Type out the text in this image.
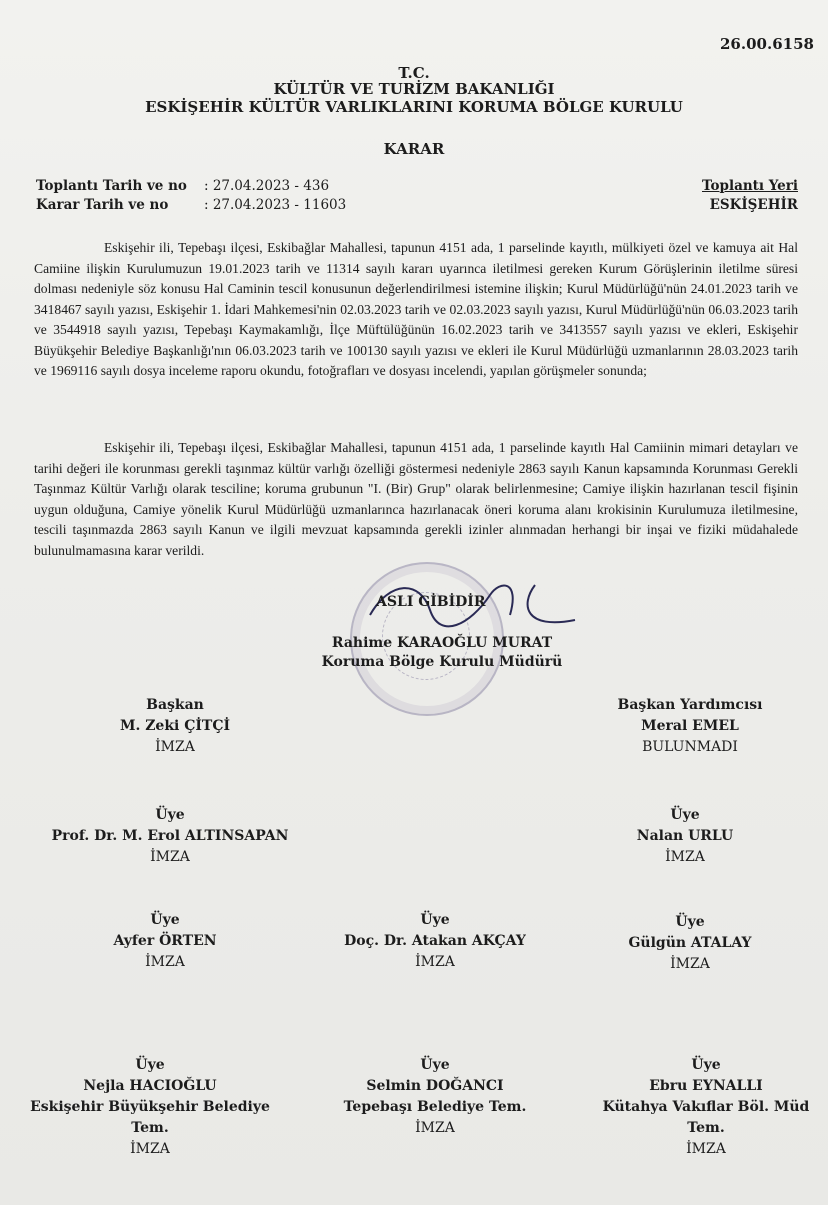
26.00.6158
T.C.
KÜLTÜR VE TURİZM BAKANLIĞI
ESKİŞEHİR KÜLTÜR VARLIKLARINI KORUMA BÖLGE KURULU
KARAR
Toplantı Tarih ve no : 27.04.2023 - 436
Karar Tarih ve no	: 27.04.2023 - 11603
Toplantı Yeri
ESKİŞEHİR
Eskişehir ili, Tepebaşı ilçesi, Eskibağlar Mahallesi, tapunun 4151 ada, 1 parselinde kayıtlı, mülkiyeti özel ve kamuya ait Hal Camiine ilişkin Kurulumuzun 19.01.2023 tarih ve 11314 sayılı kararı uyarınca iletilmesi gereken Kurum Görüşlerinin iletilme süresi dolması nedeniyle söz konusu Hal Caminin tescil konusunun değerlendirilmesi istemine ilişkin; Kurul Müdürlüğü'nün 24.01.2023 tarih ve 3418467 sayılı yazısı, Eskişehir 1. İdari Mahkemesi'nin 02.03.2023 tarih ve 02.03.2023 sayılı yazısı, Kurul Müdürlüğü'nün 06.03.2023 tarih ve 3544918 sayılı yazısı, Tepebaşı Kaymakamlığı, İlçe Müftülüğünün 16.02.2023 tarih ve 3413557 sayılı yazısı ve ekleri, Eskişehir Büyükşehir Belediye Başkanlığı'nın 06.03.2023 tarih ve 100130 sayılı yazısı ve ekleri ile Kurul Müdürlüğü uzmanlarının 28.03.2023 tarih ve 1969116 sayılı dosya inceleme raporu okundu, fotoğrafları ve dosyası incelendi, yapılan görüşmeler sonunda;
Eskişehir ili, Tepebaşı ilçesi, Eskibağlar Mahallesi, tapunun 4151 ada, 1 parselinde kayıtlı Hal Camiinin mimari detayları ve tarihi değeri ile korunması gerekli taşınmaz kültür varlığı özelliği göstermesi nedeniyle 2863 sayılı Kanun kapsamında Korunması Gerekli Taşınmaz Kültür Varlığı olarak tesciline; koruma grubunun "I. (Bir) Grup" olarak belirlenmesine; Camiye ilişkin hazırlanan tescil fişinin uygun olduğuna, Camiye yönelik Kurul Müdürlüğü uzmanlarınca hazırlanacak öneri koruma alanı krokisinin Kurulumuza iletilmesine, tescili taşınmazda 2863 sayılı Kanun ve ilgili mevzuat kapsamında gerekli izinler alınmadan herhangi bir inşai ve fiziki müdahalede bulunulmamasına karar verildi.
ASLI GİBİDİR
Rahime KARAOĞLU MURAT
Koruma Bölge Kurulu Müdürü
Başkan
M. Zeki ÇİTÇİ
İMZA
Başkan Yardımcısı
Meral EMEL
BULUNMADI
Üye
Prof. Dr. M. Erol ALTINSAPAN
İMZA
Üye
Nalan URLU
İMZA
Üye
Ayfer ÖRTEN
İMZA
Üye
Doç. Dr. Atakan AKÇAY
İMZA
Üye
Gülgün ATALAY
İMZA
Üye
Nejla HACIOĞLU
Eskişehir Büyükşehir Belediye
Tem.
İMZA
Üye
Selmin DOĞANCI
Tepebaşı Belediye Tem.
İMZA
Üye
Ebru EYNALLI
Kütahya Vakıflar Böl. Müd
Tem.
İMZA
